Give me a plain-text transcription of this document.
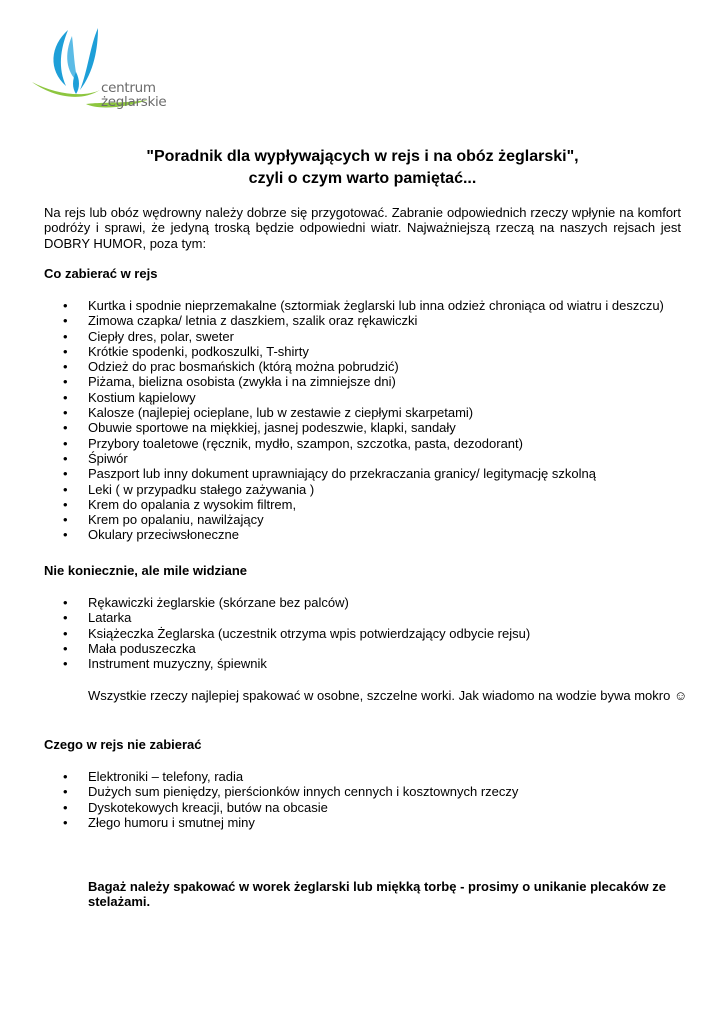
centrum
żeglarskie
"Poradnik dla wypływających w rejs i na obóz żeglarski",
czyli o czym warto pamiętać...

Na rejs lub obóz wędrowny należy dobrze się przygotować. Zabranie odpowiednich rzeczy wpłynie na komfort podróży i sprawi, że jedyną troską będzie odpowiedni wiatr. Najważniejszą rzeczą na naszych rejsach jest DOBRY HUMOR, poza tym:

Co zabierać w rejs

• Kurtka i spodnie nieprzemakalne (sztormiak żeglarski lub inna odzież chroniąca od wiatru i deszczu)
• Zimowa czapka/ letnia z daszkiem, szalik oraz rękawiczki
• Ciepły dres, polar, sweter
• Krótkie spodenki, podkoszulki, T-shirty
• Odzież do prac bosmańskich (którą można pobrudzić)
• Piżama, bielizna osobista (zwykła i na zimniejsze dni)
• Kostium kąpielowy
• Kalosze (najlepiej ocieplane, lub w zestawie z ciepłymi skarpetami)
• Obuwie sportowe na miękkiej, jasnej podeszwie, klapki, sandały
• Przybory toaletowe (ręcznik, mydło, szampon, szczotka, pasta, dezodorant)
• Śpiwór
• Paszport lub inny dokument uprawniający do przekraczania granicy/ legitymację szkolną
• Leki ( w przypadku stałego zażywania )
• Krem do opalania z wysokim filtrem,
• Krem po opalaniu, nawilżający
• Okulary przeciwsłoneczne

Nie koniecznie, ale mile widziane

• Rękawiczki żeglarskie (skórzane bez palców)
• Latarka
• Książeczka Żeglarska (uczestnik otrzyma wpis potwierdzający odbycie rejsu)
• Mała poduszeczka
• Instrument muzyczny, śpiewnik

Wszystkie rzeczy najlepiej spakować w osobne, szczelne worki. Jak wiadomo na wodzie bywa mokro ☺

Czego w rejs nie zabierać

• Elektroniki – telefony, radia
• Dużych sum pieniędzy, pierścionków innych cennych i kosztownych rzeczy
• Dyskotekowych kreacji, butów na obcasie
• Złego humoru i smutnej miny

Bagaż należy spakować w worek żeglarski lub miękką torbę - prosimy o unikanie plecaków ze stelażami.
